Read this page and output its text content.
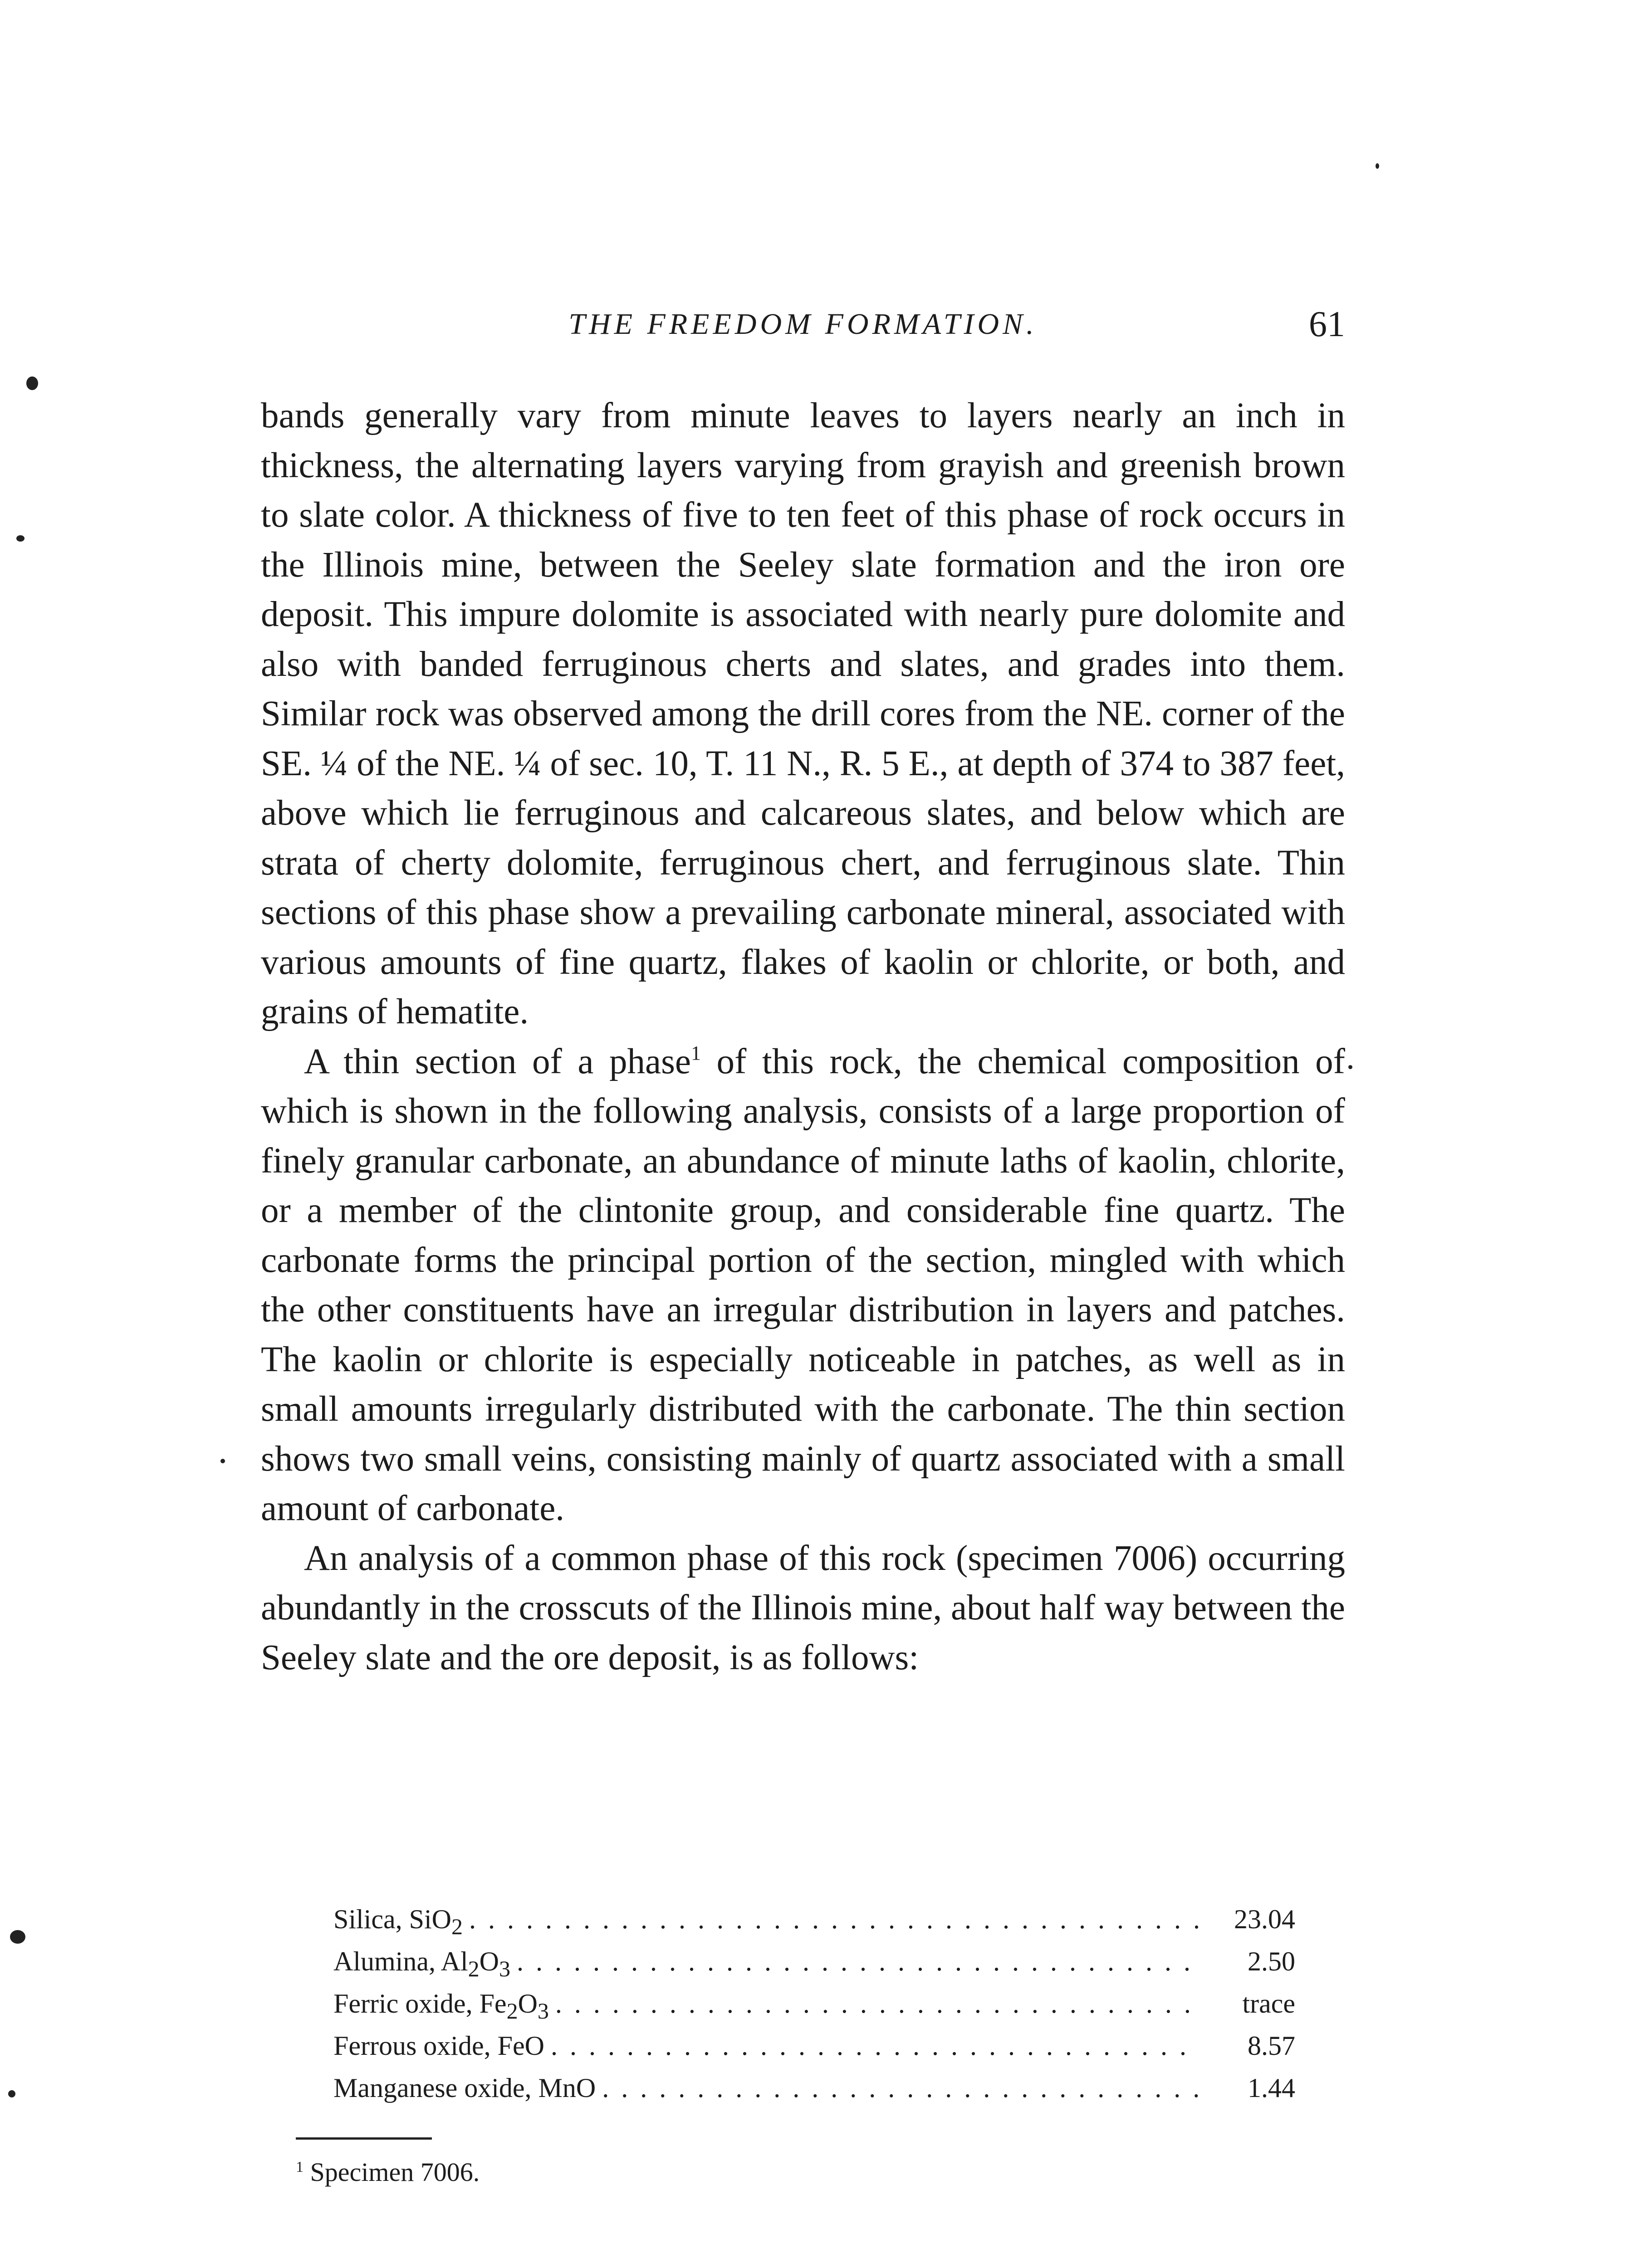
THE FREEDOM FORMATION.	61

bands generally vary from minute leaves to layers nearly an inch in thickness, the alternating layers varying from grayish and greenish brown to slate color. A thickness of five to ten feet of this phase of rock occurs in the Illinois mine, between the Seeley slate formation and the iron ore deposit. This impure dolomite is associated with nearly pure dolomite and also with banded ferruginous cherts and slates, and grades into them. Similar rock was observed among the drill cores from the NE. corner of the SE. ¼ of the NE. ¼ of sec. 10, T. 11 N., R. 5 E., at depth of 374 to 387 feet, above which lie ferruginous and calcareous slates, and below which are strata of cherty dolomite, ferruginous chert, and ferruginous slate. Thin sections of this phase show a prevailing carbonate mineral, associated with various amounts of fine quartz, flakes of kaolin or chlorite, or both, and grains of hematite.

A thin section of a phase$^1$ of this rock, the chemical composition of which is shown in the following analysis, consists of a large proportion of finely granular carbonate, an abundance of minute laths of kaolin, chlorite, or a member of the clintonite group, and considerable fine quartz. The carbonate forms the principal portion of the section, mingled with which the other constituents have an irregular distribution in layers and patches. The kaolin or chlorite is especially noticeable in patches, as well as in small amounts irregularly distributed with the carbonate. The thin section shows two small veins, consisting mainly of quartz associated with a small amount of carbonate.

An analysis of a common phase of this rock (specimen 7006) occurring abundantly in the crosscuts of the Illinois mine, about half way between the Seeley slate and the ore deposit, is as follows:

Silica, SiO$_2$ . . .	23.04
Alumina, $Al_2O_3$ . . .	2.50
Ferric oxide, $Fe_2O_3$ . . .	trace
Ferrous oxide, FeO . . .	8.57
Manganese oxide, MnO . . .	1.44
$^1$ Specimen 7006.
